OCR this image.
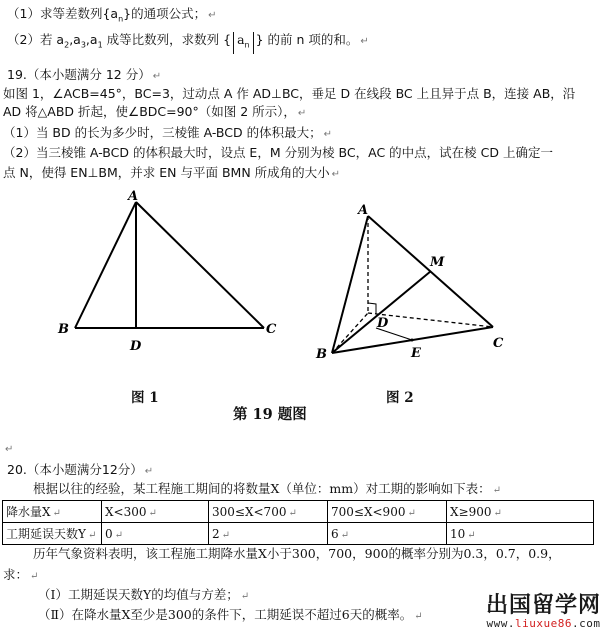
（1）求等差数列$\{a_n\}$的通项公式； ↵
（2）若 $a_2,a_3,a_1$ 成等比数列，求数列 { $a_n$ } 的前 n 项的和。 ↵
19.（本小题满分 12 分） ↵
如图 1，∠ACB=45°，BC=3，过动点 A 作 AD⊥BC，垂足 D 在线段 BC 上且异于点 B，连接 AB，沿
AD 将△ABD 折起，使∠BDC=90°（如图 2 所示）， ↵
（1）当 BD 的长为多少时，三棱锥 A-BCD 的体积最大； ↵
（2）当三棱锥 A-BCD 的体积最大时，设点 E，M 分别为棱 BC，AC 的中点，试在棱 CD 上确定一
点 N，使得 EN⊥BM，并求 EN 与平面 BMN 所成角的大小 ↵
A
B
D
C
A
M
D
B	E
C
图 1	图 2
第 19 题图
↵
20.（本小题满分12分） ↵
根据以往的经验，某工程施工期间的将数量X（单位：mm）对工期的影响如下表： ↵
降水量X ↵	X<300 ↵	300≤X<700 ↵	700≤X<900 ↵	X≥900 ↵
工期延误天数Y ↵	0 ↵	2 ↵	6 ↵	10 ↵
历年气象资料表明，该工程施工期降水量X小于300，700，900的概率分别为0.3，0.7，0.9，
求： ↵
（I）工期延误天数Y的均值与方差； ↵
（Ⅱ）在降水量X至少是300的条件下，工期延误不超过6天的概率。 ↵	出国留学网
www.liuxue86.com
